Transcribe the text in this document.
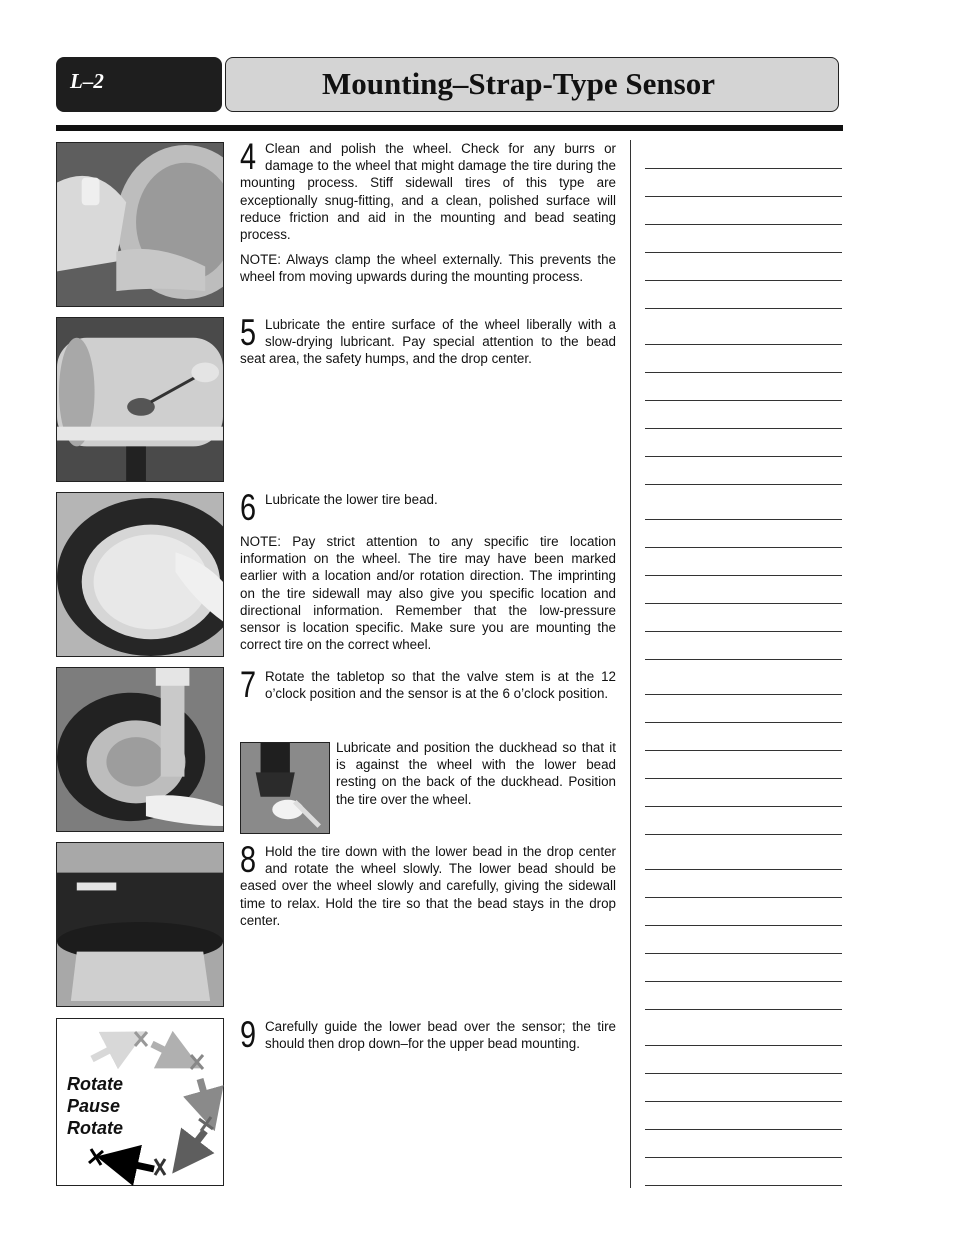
L–2	Mounting–Strap-Type Sensor
4 Clean and polish the wheel. Check for any burrs or damage to the wheel that might damage the tire during the mounting process. Stiff sidewall tires of this type are exceptionally snug-fitting, and a clean, polished surface will reduce friction and aid in the mounting and bead seating process.

NOTE: Always clamp the wheel externally. This prevents the wheel from moving upwards during the mounting process.

5 Lubricate the entire surface of the wheel liberally with a slow-drying lubricant. Pay special attention to the bead seat area, the safety humps, and the drop center.

6 Lubricate the lower tire bead.

NOTE: Pay strict attention to any specific tire location information on the wheel. The tire may have been marked earlier with a location and/or rotation direction. The imprinting on the tire sidewall may also give you specific location and directional information. Remember that the low-pressure sensor is location specific. Make sure you are mounting the correct tire on the correct wheel.

7 Rotate the tabletop so that the valve stem is at the 12 o’clock position and the sensor is at the 6 o’clock position.

Lubricate and position the duckhead so that it is against the wheel with the lower bead resting on the back of the duckhead. Position the tire over the wheel.
8 Hold the tire down with the lower bead in the drop center and rotate the wheel slowly. The lower bead should be eased over the wheel slowly and carefully, giving the sidewall time to relax. Hold the tire so that the bead stays in the drop center.

9 Carefully guide the lower bead over the sensor; the tire should then drop down–for the upper bead mounting.

Rotate
Pause
Rotate
